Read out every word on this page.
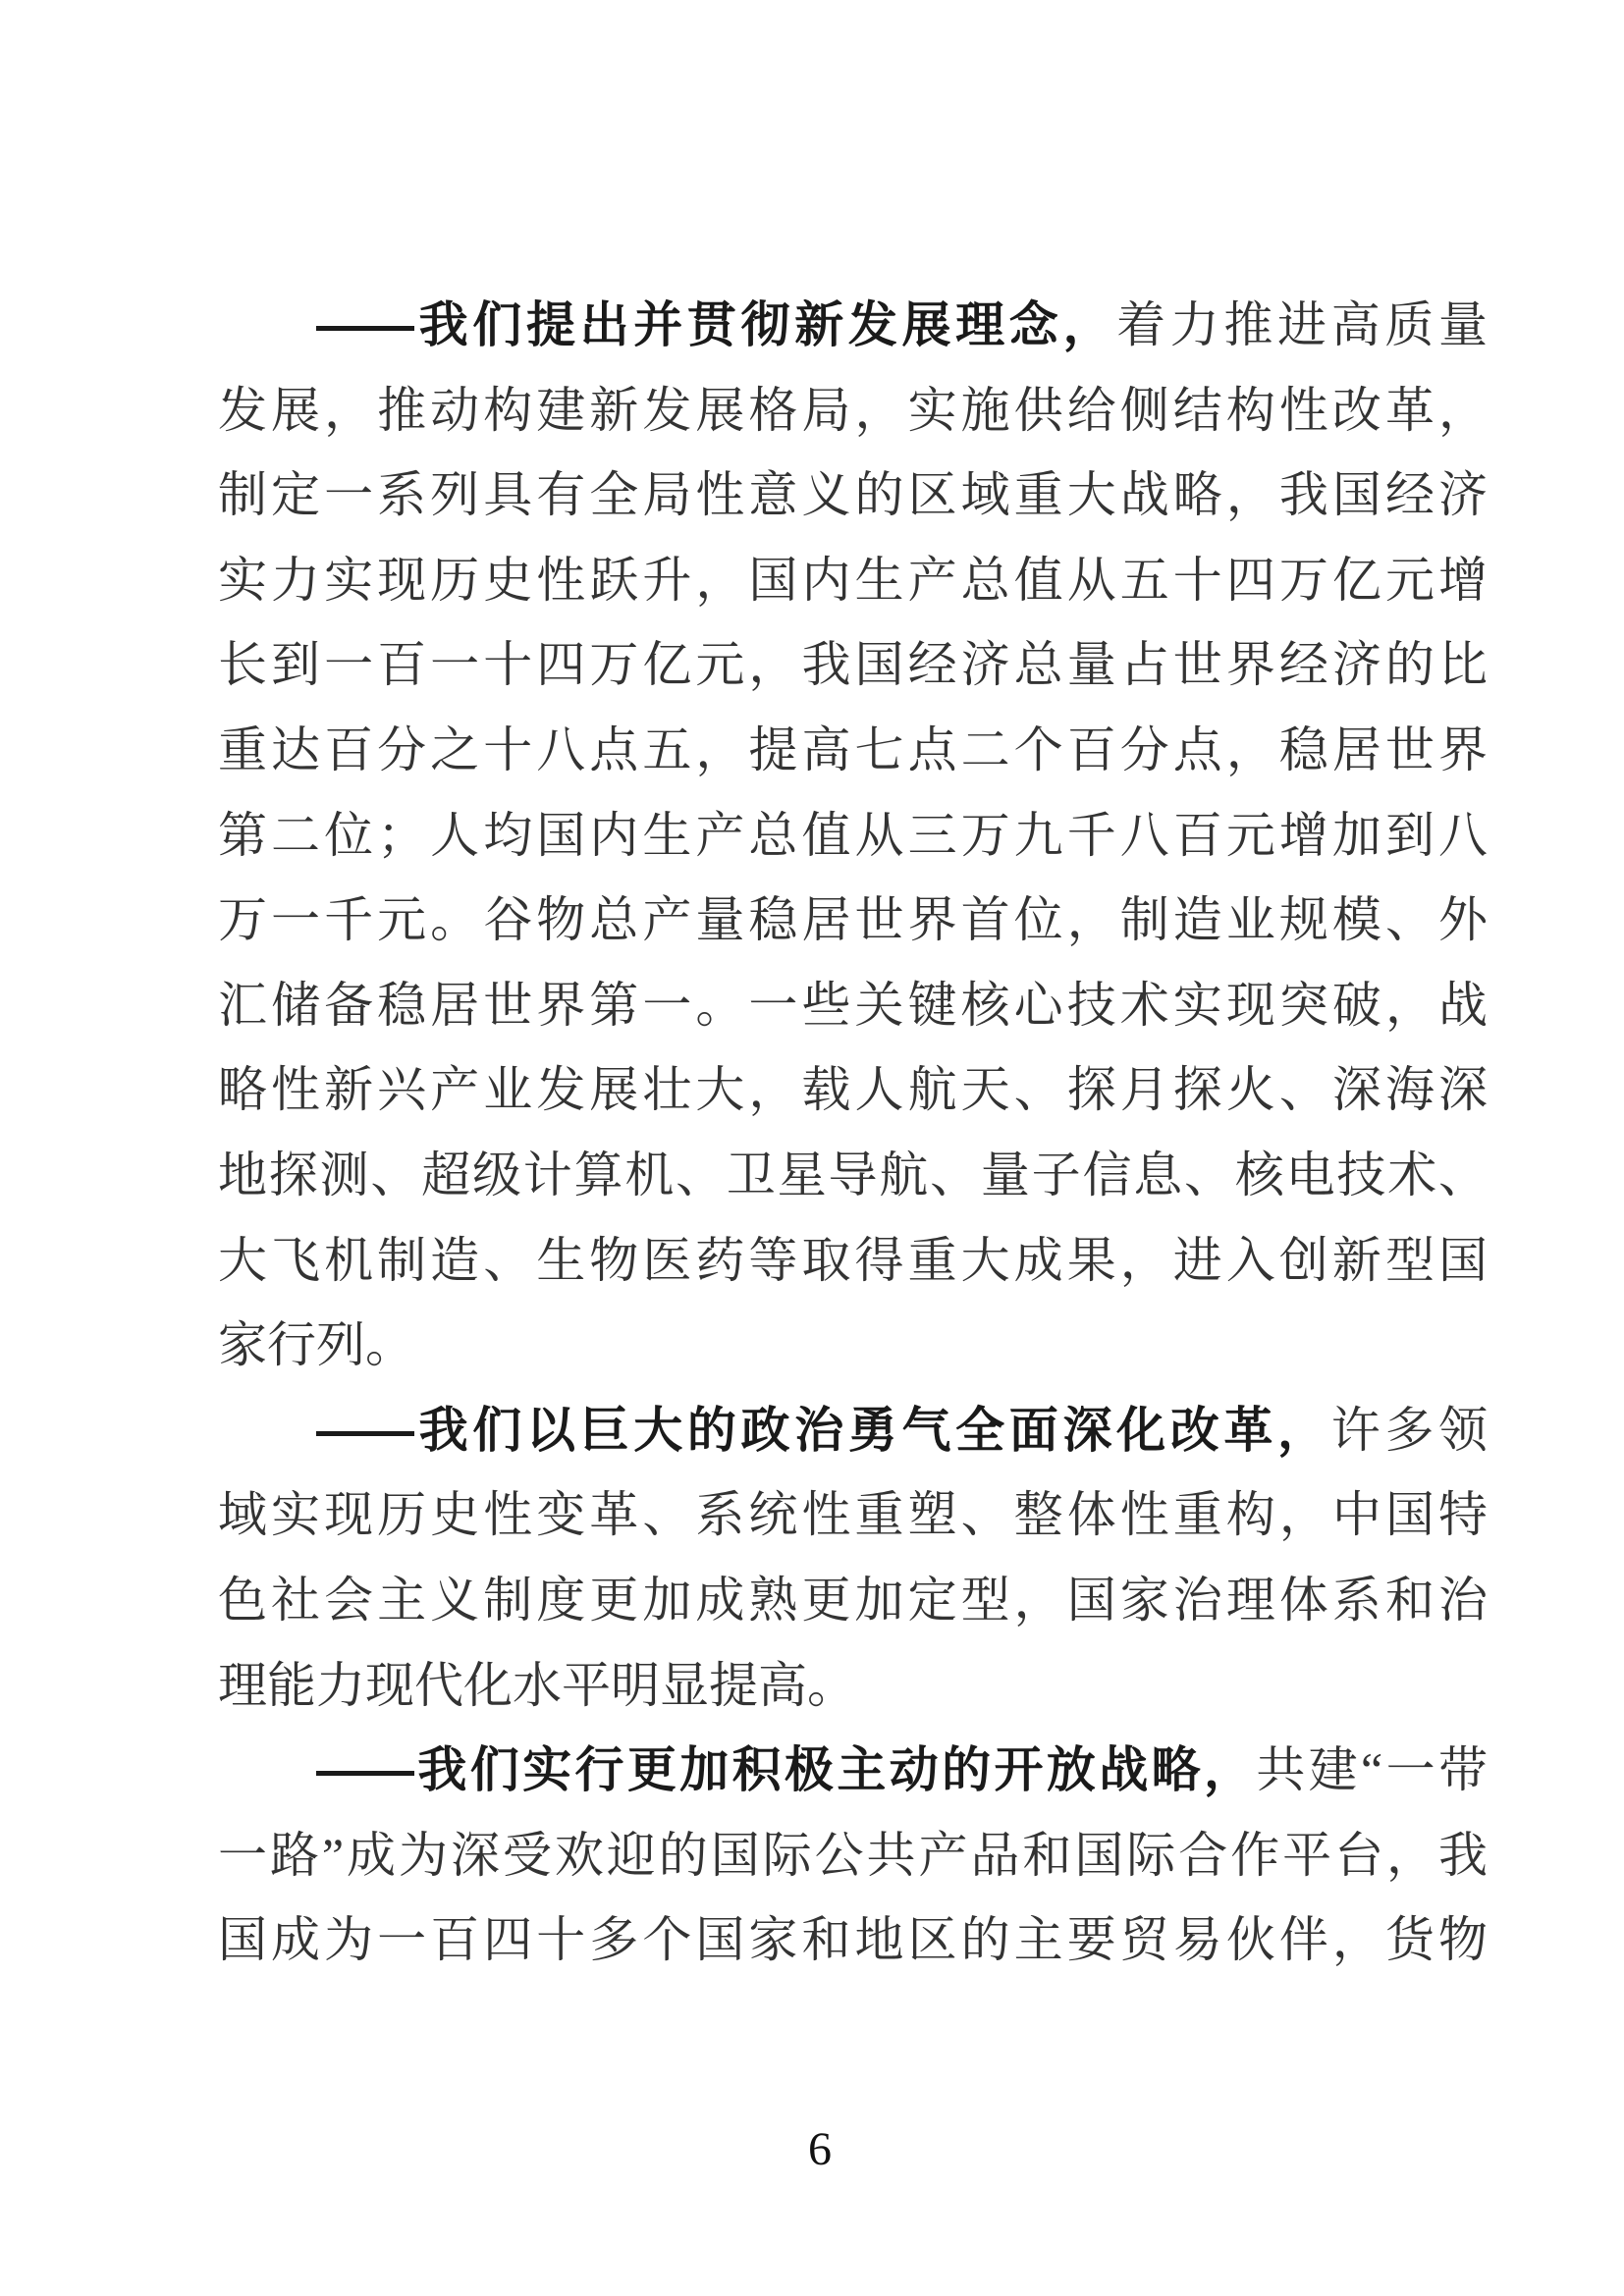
——我们提出并贯彻新发展理念，着力推进高质量
发展，推动构建新发展格局，实施供给侧结构性改革，
制定一系列具有全局性意义的区域重大战略，我国经济
实力实现历史性跃升，国内生产总值从五十四万亿元增
长到一百一十四万亿元，我国经济总量占世界经济的比
重达百分之十八点五，提高七点二个百分点，稳居世界
第二位；人均国内生产总值从三万九千八百元增加到八
万一千元。谷物总产量稳居世界首位，制造业规模、外
汇储备稳居世界第一。一些关键核心技术实现突破，战
略性新兴产业发展壮大，载人航天、探月探火、深海深
地探测、超级计算机、卫星导航、量子信息、核电技术、
大飞机制造、生物医药等取得重大成果，进入创新型国
家行列。
——我们以巨大的政治勇气全面深化改革，许多领
域实现历史性变革、系统性重塑、整体性重构，中国特
色社会主义制度更加成熟更加定型，国家治理体系和治
理能力现代化水平明显提高。
——我们实行更加积极主动的开放战略，共建“一带
一路”成为深受欢迎的国际公共产品和国际合作平台，我
国成为一百四十多个国家和地区的主要贸易伙伴，货物
6
